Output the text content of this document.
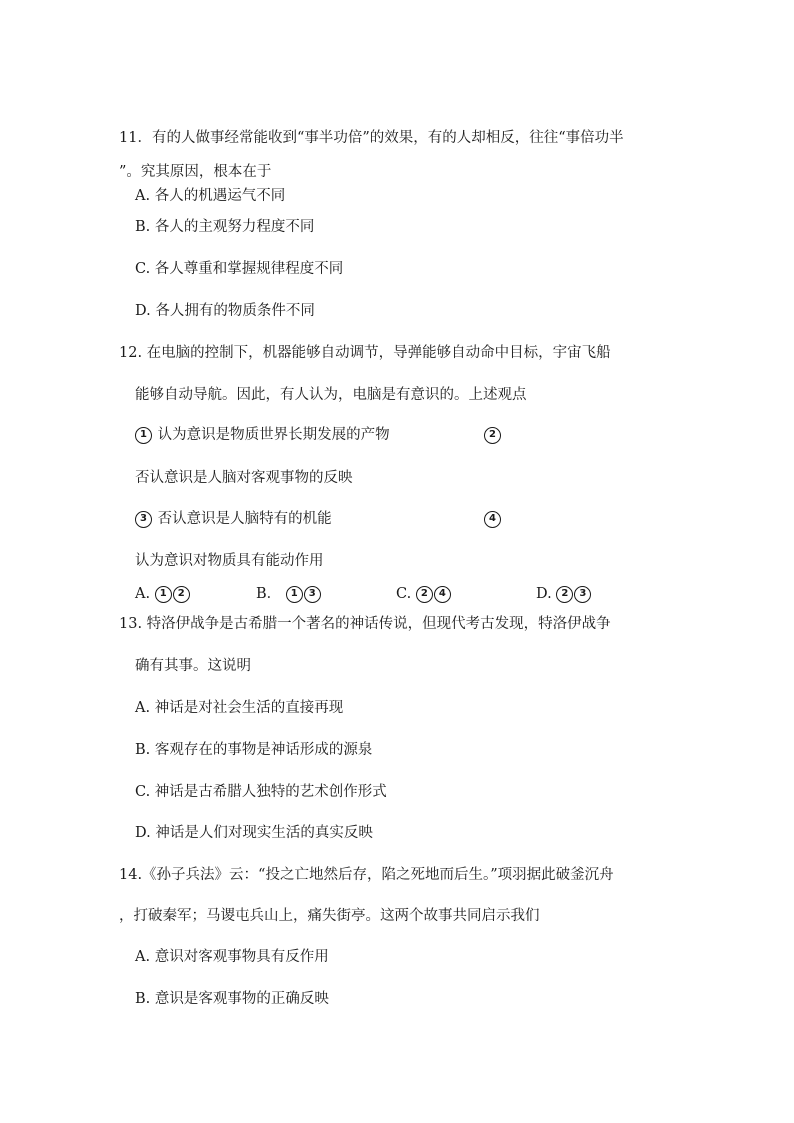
11．有的人做事经常能收到“事半功倍”的效果，有的人却相反，往往“事倍功半
”。究其原因，根本在于
A. 各人的机遇运气不同
B. 各人的主观努力程度不同
C. 各人尊重和掌握规律程度不同
D. 各人拥有的物质条件不同
12. 在电脑的控制下，机器能够自动调节，导弹能够自动命中目标，宇宙飞船
能够自动导航。因此，有人认为，电脑是有意识的。上述观点
1 认为意识是物质世界长期发展的产物	2
否认意识是人脑对客观事物的反映
3 否认意识是人脑特有的机能	4
认为意识对物质具有能动作用
A. 1 2	B． 1 3	C. 2 4	D. 2 3
13. 特洛伊战争是古希腊一个著名的神话传说，但现代考古发现，特洛伊战争
确有其事。这说明
A. 神话是对社会生活的直接再现
B. 客观存在的事物是神话形成的源泉
C. 神话是古希腊人独特的艺术创作形式
D. 神话是人们对现实生活的真实反映
14.《孙子兵法》云：“投之亡地然后存，陷之死地而后生。”项羽据此破釜沉舟
，打破秦军；马谡屯兵山上，痛失街亭。这两个故事共同启示我们
A. 意识对客观事物具有反作用
B. 意识是客观事物的正确反映
